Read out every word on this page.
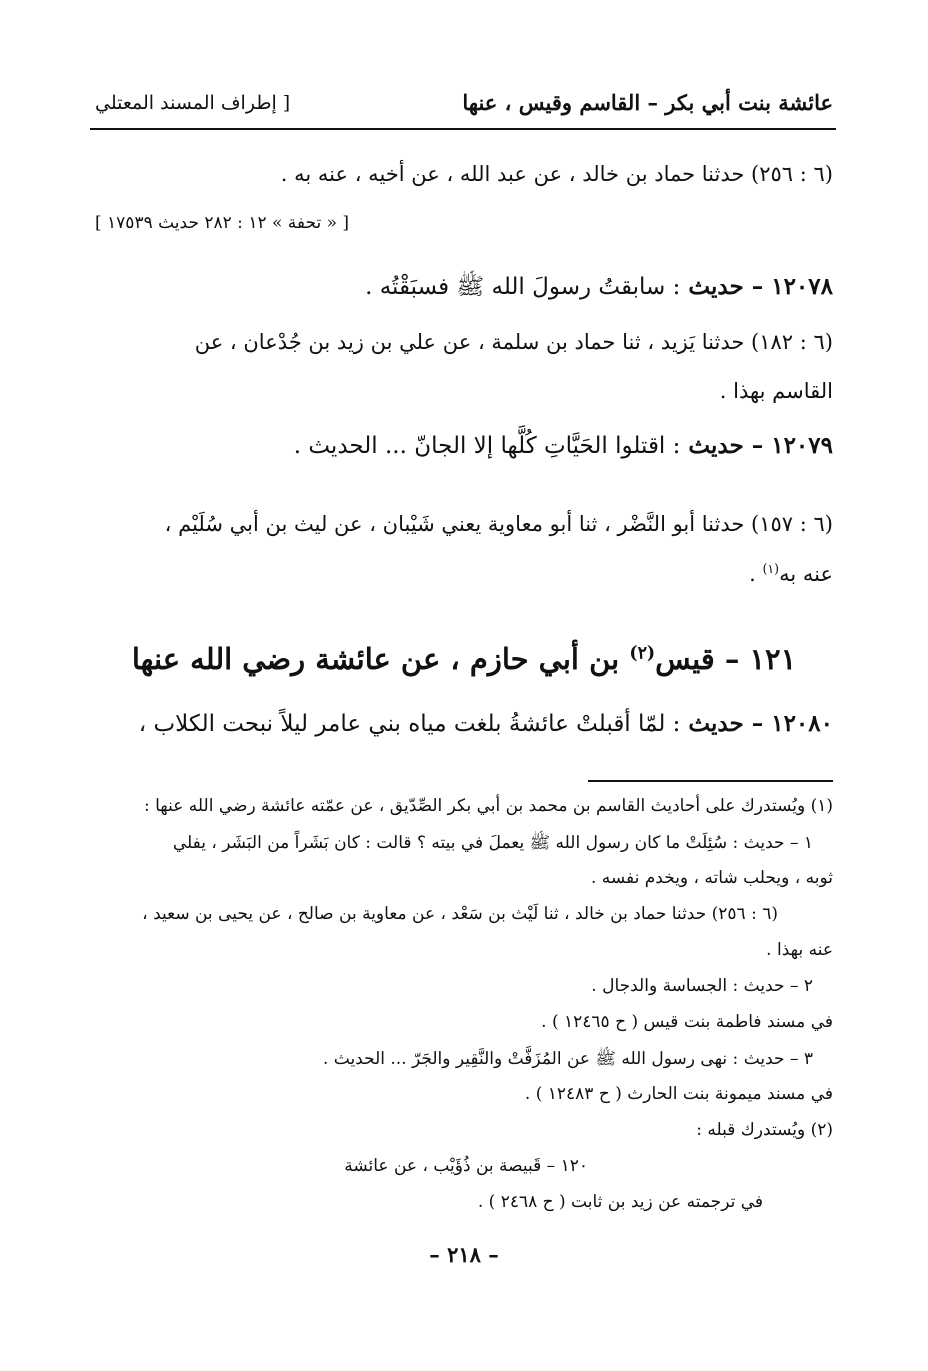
عائشة بنت أبي بكر – القاسم وقيس ، عنها
[ إطراف المسند المعتلي
(٦ : ٢٥٦) حدثنا حماد بن خالد ، عن عبد الله ، عن أخيه ، عنه به .
[ « تحفة » ١٢ : ٢٨٢ حديث ١٧٥٣٩ ]
١٢٠٧٨ – حديث : سابقتُ رسولَ الله ﷺ فسبَقْتُه .
(٦ : ١٨٢) حدثنا يَزيد ، ثنا حماد بن سلمة ، عن علي بن زيد بن جُدْعان ، عن
القاسم بهذا .
١٢٠٧٩ – حديث : اقتلوا الحَيَّاتِ كُلَّها إلا الجانّ ... الحديث .
(٦ : ١٥٧) حدثنا أبو النَّضْر ، ثنا أبو معاوية يعني شَيْبان ، عن ليث بن أبي سُلَيْم ،
عنه به$^{(١)}$ .
١٢١ – قيس$^{(٢)}$ بن أبي حازم ، عن عائشة رضي الله عنها
١٢٠٨٠ – حديث : لمّا أقبلتْ عائشةُ بلغت مياه بني عامر ليلاً نبحت الكلاب ،
(١) ويُستدرك على أحاديث القاسم بن محمد بن أبي بكر الصِّدّيق ، عن عمّته عائشة رضي الله عنها :
١ – حديث : سُئِلَتْ ما كان رسول الله ﷺ يعملَ في بيته ؟ قالت : كان بَشَراً من البَشَر ، يفلي
ثوبه ، ويحلب شاته ، ويخدم نفسه .
(٦ : ٢٥٦) حدثنا حماد بن خالد ، ثنا لَيْث بن سَعْد ، عن معاوية بن صالح ، عن يحيى بن سعيد ،
عنه بهذا .
٢ – حديث : الجساسة والدجال .
في مسند فاطمة بنت قيس ( ح ١٢٤٦٥ ) .
٣ – حديث : نهى رسول الله ﷺ عن المُزَفَّتْ والنَّقِير والجَرّ ... الحديث .
في مسند ميمونة بنت الحارث ( ح ١٢٤٨٣ ) .
(٢) ويُستدرك قبله :
١٢٠ – قَبيصة بن ذُؤَيْب ، عن عائشة
في ترجمته عن زيد بن ثابت ( ح ٢٤٦٨ ) .
– ٢١٨ –
